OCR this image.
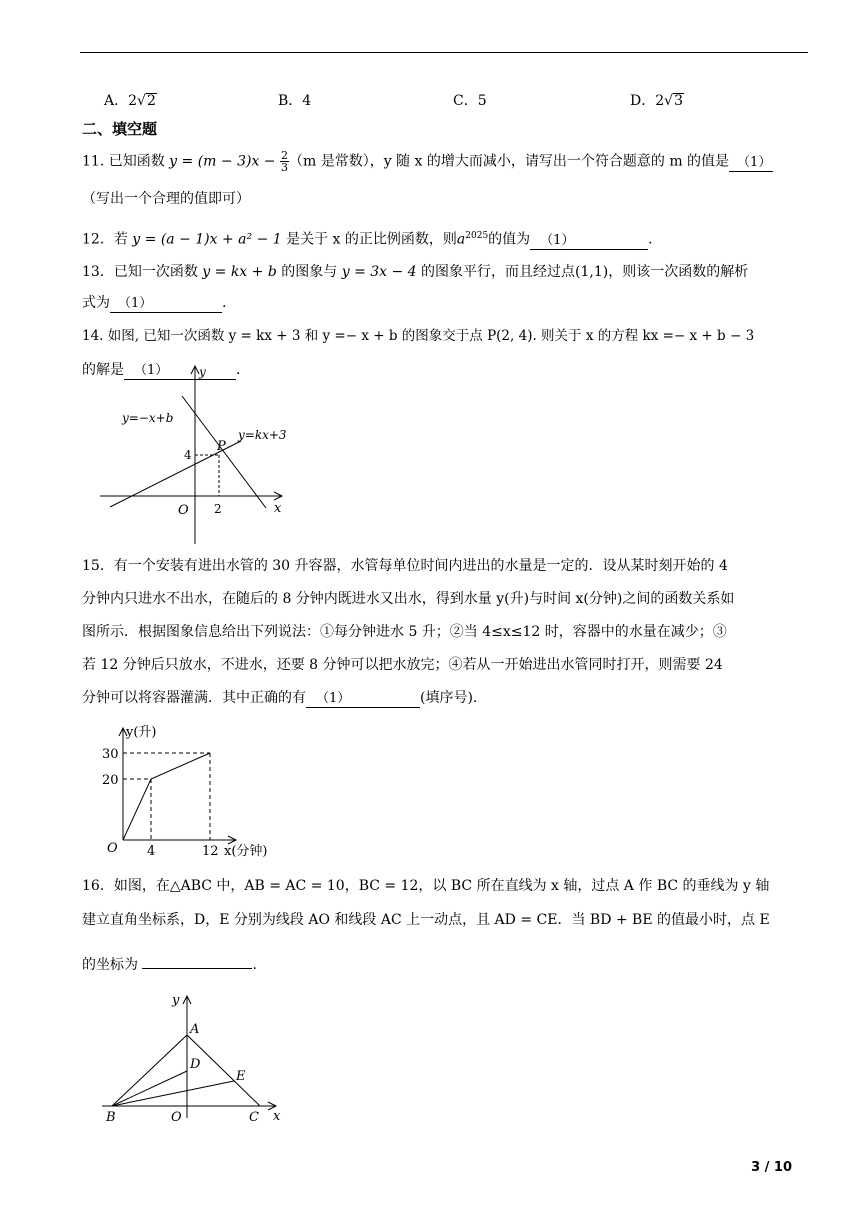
A．2√2	B．4	C．5	D．2√3
二、填空题
11. 已知函数 $y = (m - 3)x - \frac{2}{3} (m$ 是常数），y 随 x 的增大而减小，请写出一个符合题意的 m 的值是 （1）
（写出一个合理的值即可）
12．若 y = (a − 1)x + a² − 1 是关于 x 的正比例函数，则$a^{2025}$的值为 （1）	.
13．已知一次函数 y = kx + b 的图象与 y = 3x − 4 的图象平行，而且经过点(1,1)，则该一次函数的解析
式为 （1）	.
14. 如图, 已知一次函数 y = kx + 3 和 y =− x + b 的图象交于点 P(2, 4). 则关于 x 的方程 kx =− x + b − 3
的解是 （1）	.
y
x
O
4
2
P
y=−x+b
y=kx+3
15．有一个安装有进出水管的 30 升容器，水管每单位时间内进出的水量是一定的．设从某时刻开始的 4
分钟内只进水不出水，在随后的 8 分钟内既进水又出水，得到水量 y(升)与时间 x(分钟)之间的函数关系如
图所示．根据图象信息给出下列说法：①每分钟进水 5 升；②当 4≤x≤12 时，容器中的水量在减少；③
若 12 分钟后只放水，不进水，还要 8 分钟可以把水放完；④若从一开始进出水管同时打开，则需要 24
分钟可以将容器灌满．其中正确的有 （1）	(填序号).
y(升)
x(分钟)
O
30
20
4	12
16．如图，在△ABC 中，AB = AC = 10，BC = 12，以 BC 所在直线为 x 轴，过点 A 作 BC 的垂线为 y 轴
建立直角坐标系，D，E 分别为线段 AO 和线段 AC 上一动点，且 AD = CE．当 BD + BE 的值最小时，点 E
的坐标为	.
y
x
A
B	C
D
E
O
3 / 10
